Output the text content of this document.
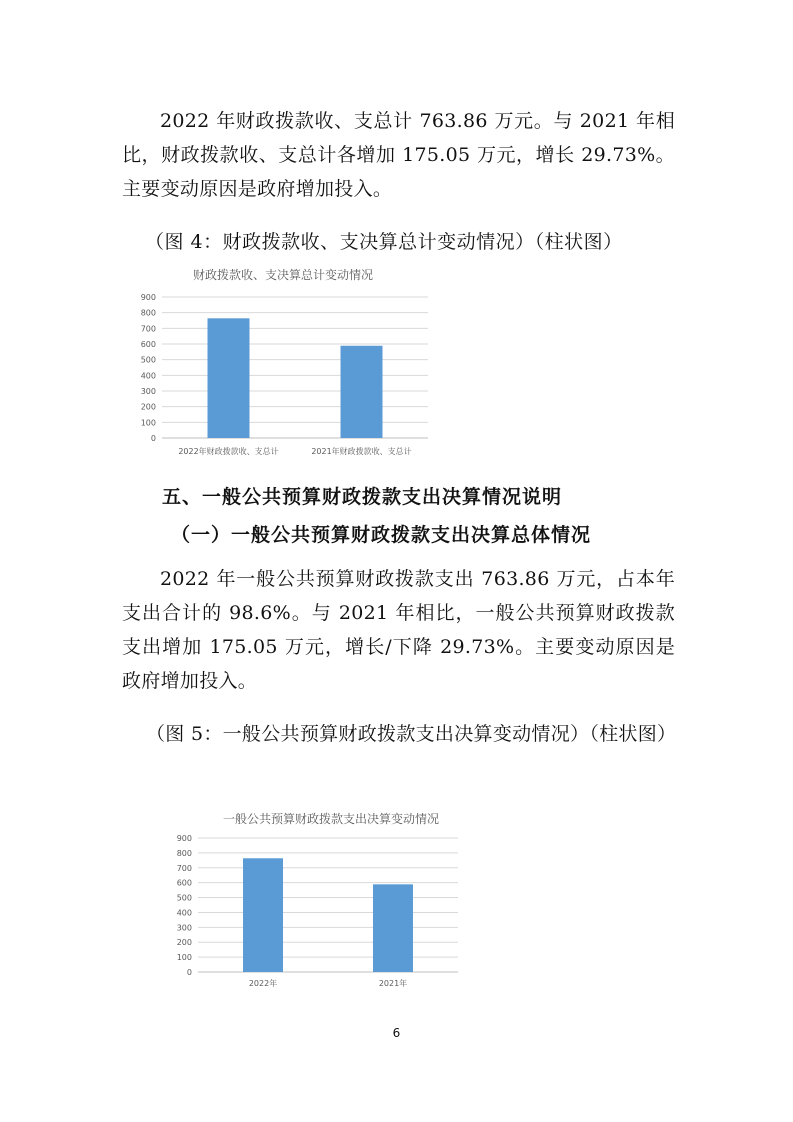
2022 年财政拨款收、支总计 763.86 万元。与 2021 年相比，财政拨款收、支总计各增加 175.05 万元，增长 29.73%。主要变动原因是政府增加投入。

（图 4：财政拨款收、支决算总计变动情况）（柱状图）

财政拨款收、支决算总计变动情况
900
800
700
600
500
400
300
200
100
0
2022年财政拨款收、支总计	2021年财政拨款收、支总计

五、一般公共预算财政拨款支出决算情况说明

（一）一般公共预算财政拨款支出决算总体情况

2022 年一般公共预算财政拨款支出 763.86 万元，占本年支出合计的 98.6%。与 2021 年相比，一般公共预算财政拨款支出增加 175.05 万元，增长/下降 29.73%。主要变动原因是政府增加投入。

（图 5：一般公共预算财政拨款支出决算变动情况）（柱状图）

一般公共预算财政拨款支出决算变动情况
900
800
700
600
500
400
300
200
100
0
2022年	2021年
6
